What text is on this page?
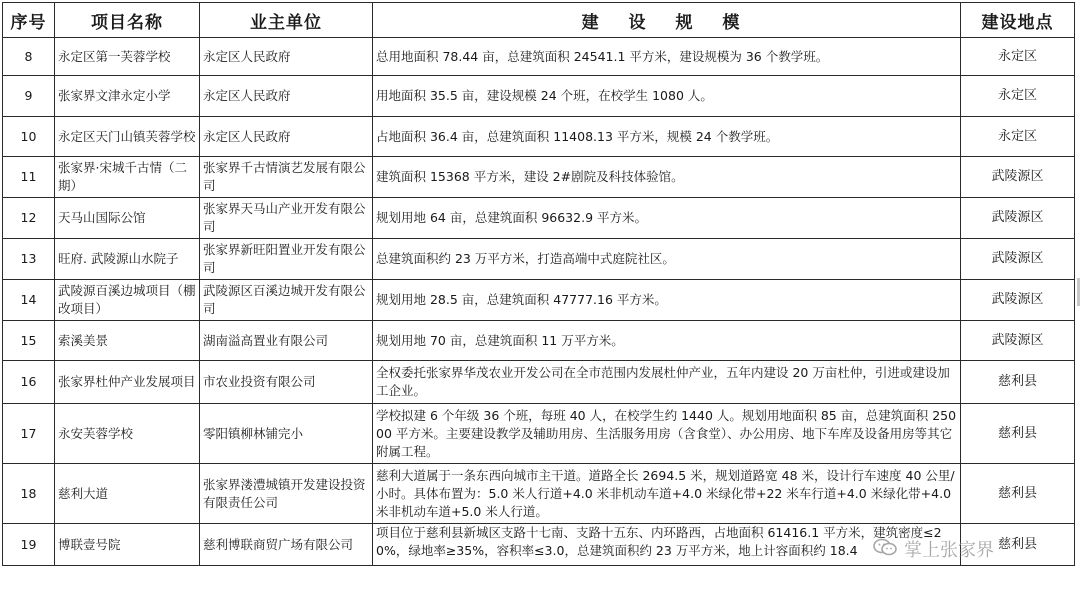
序号	项目名称	业主单位	建 设 规 模	建设地点
8	永定区第一芙蓉学校	永定区人民政府	总用地面积 78.44 亩，总建筑面积 24541.1 平方米，建设规模为 36 个教学班。	永定区
9	张家界文津永定小学	永定区人民政府	用地面积 35.5 亩，建设规模 24 个班，在校学生 1080 人。	永定区
10	永定区天门山镇芙蓉学校	永定区人民政府	占地面积 36.4 亩，总建筑面积 11408.13 平方米，规模 24 个教学班。	永定区
11	张家界·宋城千古情（二期）	张家界千古情演艺发展有限公司	建筑面积 15368 平方米，建设 2#剧院及科技体验馆。	武陵源区
12	天马山国际公馆	张家界天马山产业开发有限公司	规划用地 64 亩，总建筑面积 96632.9 平方米。	武陵源区
13	旺府. 武陵源山水院子	张家界新旺阳置业开发有限公司	总建筑面积约 23 万平方米，打造高端中式庭院社区。	武陵源区
14	武陵源百溪边城项目（棚改项目）	武陵源区百溪边城开发有限公司	规划用地 28.5 亩，总建筑面积 47777.16 平方米。	武陵源区
15	索溪美景	湖南溢高置业有限公司	规划用地 70 亩，总建筑面积 11 万平方米。	武陵源区
16	张家界杜仲产业发展项目	市农业投资有限公司	全权委托张家界华茂农业开发公司在全市范围内发展杜仲产业，五年内建设 20 万亩杜仲，引进或建设加工企业。	慈利县
17	永安芙蓉学校	零阳镇柳林铺完小	学校拟建 6 个年级 36 个班，每班 40 人，在校学生约 1440 人。规划用地面积 85 亩，总建筑面积 25000 平方米。主要建设教学及辅助用房、生活服务用房（含食堂）、办公用房、地下车库及设备用房等其它附属工程。	慈利县
18	慈利大道	张家界溇澧城镇开发建设投资有限责任公司	慈利大道属于一条东西向城市主干道。道路全长 2694.5 米，规划道路宽 48 米，设计行车速度 40 公里/小时。具体布置为：5.0 米人行道+4.0 米非机动车道+4.0 米绿化带+22 米车行道+4.0 米绿化带+4.0 米非机动车道+5.0 米人行道。	慈利县
19	博联壹号院	慈利博联商贸广场有限公司	项目位于慈利县新城区支路十七南、支路十五东、内环路西，占地面积 61416.1 平方米，建筑密度≤20%，绿地率≥35%，容积率≤3.0，总建筑面积约 23 万平方米，地上计容面积约 18.4	慈利县
掌上张家界
